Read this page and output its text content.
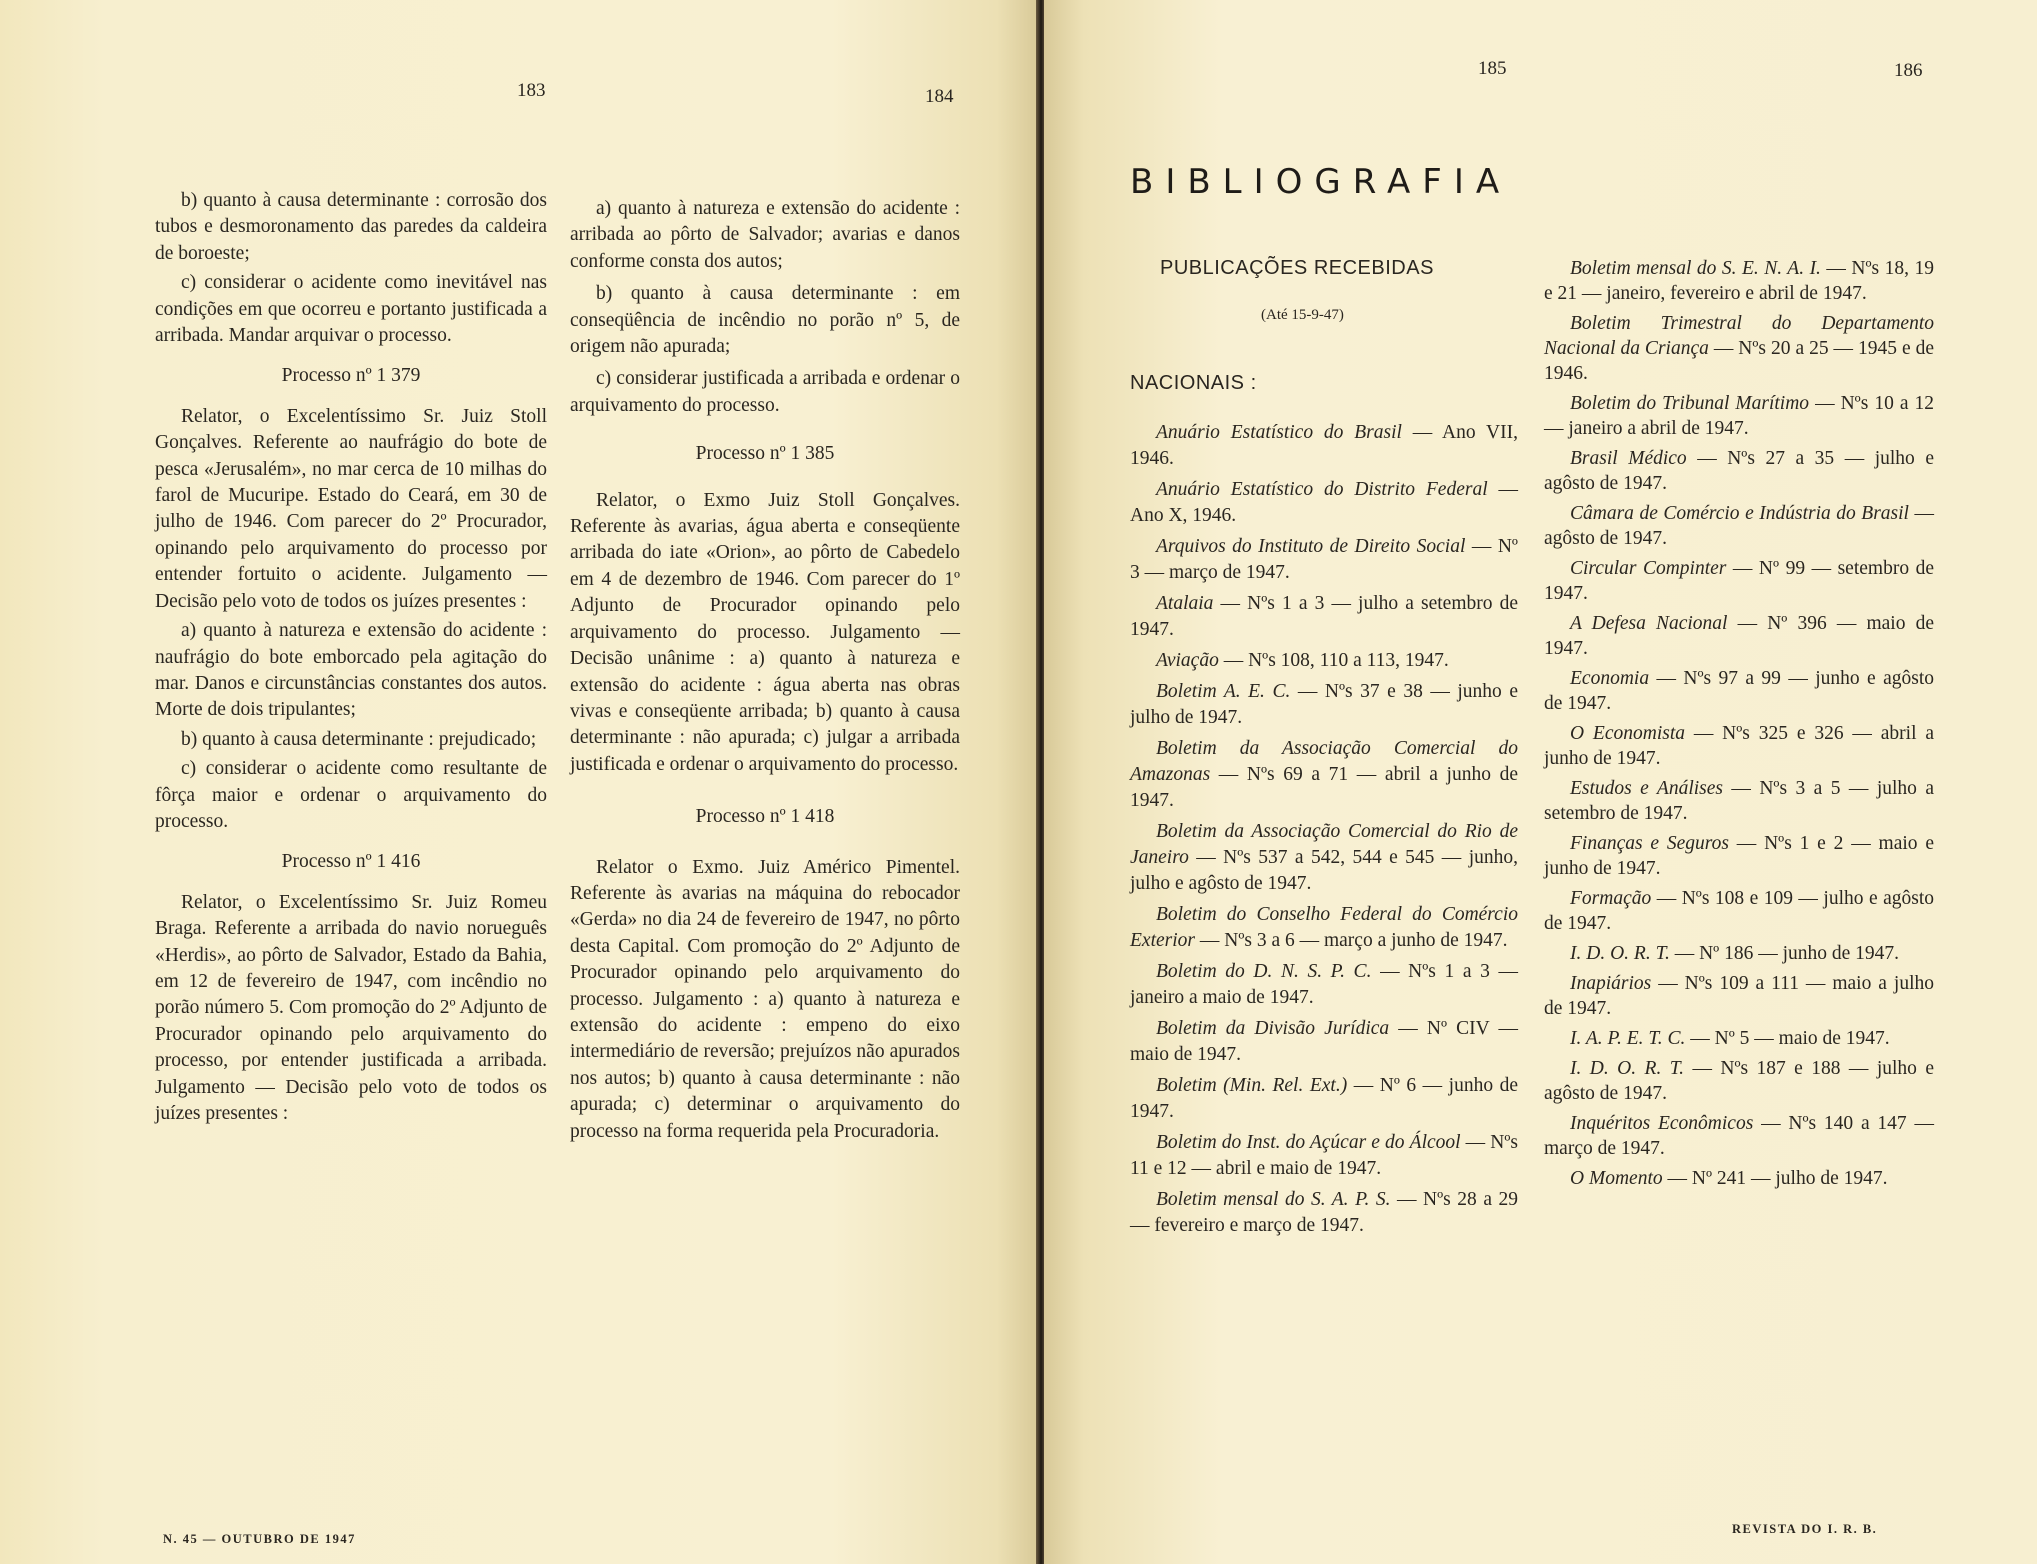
183	184

b) quanto à causa determinante : corrosão dos tubos e desmoronamento das paredes da caldeira de boroeste;

c) considerar o acidente como inevitável nas condições em que ocorreu e portanto justificada a arribada. Mandar arquivar o processo.

Processo nº 1 379

Relator, o Excelentíssimo Sr. Juiz Stoll Gonçalves. Referente ao naufrágio do bote de pesca «Jerusalém», no mar cerca de 10 milhas do farol de Mucuripe. Estado do Ceará, em 30 de julho de 1946. Com parecer do 2º Procurador, opinando pelo arquivamento do processo por entender fortuito o acidente. Julgamento — Decisão pelo voto de todos os juízes presentes :

a) quanto à natureza e extensão do acidente : naufrágio do bote emborcado pela agitação do mar. Danos e circunstâncias constantes dos autos. Morte de dois tripulantes;

b) quanto à causa determinante : prejudicado;

c) considerar o acidente como resultante de fôrça maior e ordenar o arquivamento do processo.

Processo nº 1 416

Relator, o Excelentíssimo Sr. Juiz Romeu Braga. Referente a arribada do navio norueguês «Herdis», ao pôrto de Salvador, Estado da Bahia, em 12 de fevereiro de 1947, com incêndio no porão número 5. Com promoção do 2º Adjunto de Procurador opinando pelo arquivamento do processo, por entender justificada a arribada. Julgamento — Decisão pelo voto de todos os juízes presentes :

a) quanto à natureza e extensão do acidente : arribada ao pôrto de Salvador; avarias e danos conforme consta dos autos;

b) quanto à causa determinante : em conseqüência de incêndio no porão nº 5, de origem não apurada;

c) considerar justificada a arribada e ordenar o arquivamento do processo.

Processo nº 1 385

Relator, o Exmo Juiz Stoll Gonçalves. Referente às avarias, água aberta e conseqüente arribada do iate «Orion», ao pôrto de Cabedelo em 4 de dezembro de 1946. Com parecer do 1º Adjunto de Procurador opinando pelo arquivamento do processo. Julgamento — Decisão unânime : a) quanto à natureza e extensão do acidente : água aberta nas obras vivas e conseqüente arribada; b) quanto à causa determinante : não apurada; c) julgar a arribada justificada e ordenar o arquivamento do processo.

Processo nº 1 418

Relator o Exmo. Juiz Américo Pimentel. Referente às avarias na máquina do rebocador «Gerda» no dia 24 de fevereiro de 1947, no pôrto desta Capital. Com promoção do 2º Adjunto de Procurador opinando pelo arquivamento do processo. Julgamento : a) quanto à natureza e extensão do acidente : empeno do eixo intermediário de reversão; prejuízos não apurados nos autos; b) quanto à causa determinante : não apurada; c) determinar o arquivamento do processo na forma requerida pela Procuradoria.

N. 45 — OUTUBRO DE 1947
185	186
BIBLIOGRAFIA
PUBLICAÇÕES RECEBIDAS
(Até 15-9-47)
NACIONAIS :

Anuário Estatístico do Brasil — Ano VII, 1946.

Anuário Estatístico do Distrito Federal — Ano X, 1946.

Arquivos do Instituto de Direito Social — Nº 3 — março de 1947.

Atalaia — Nºs 1 a 3 — julho a setembro de 1947.

Aviação — Nºs 108, 110 a 113, 1947.

Boletim A. E. C. — Nºs 37 e 38 — junho e julho de 1947.

Boletim da Associação Comercial do Amazonas — Nºs 69 a 71 — abril a junho de 1947.

Boletim da Associação Comercial do Rio de Janeiro — Nºs 537 a 542, 544 e 545 — junho, julho e agôsto de 1947.

Boletim do Conselho Federal do Comércio Exterior — Nºs 3 a 6 — março a junho de 1947.

Boletim do D. N. S. P. C. — Nºs 1 a 3 — janeiro a maio de 1947.

Boletim da Divisão Jurídica — Nº CIV — maio de 1947.

Boletim (Min. Rel. Ext.) — Nº 6 — junho de 1947.

Boletim do Inst. do Açúcar e do Álcool — Nºs 11 e 12 — abril e maio de 1947.

Boletim mensal do S. A. P. S. — Nºs 28 a 29 — fevereiro e março de 1947.

Boletim mensal do S. E. N. A. I. — Nºs 18, 19 e 21 — janeiro, fevereiro e abril de 1947.

Boletim Trimestral do Departamento Nacional da Criança — Nºs 20 a 25 — 1945 e de 1946.

Boletim do Tribunal Marítimo — Nºs 10 a 12 — janeiro a abril de 1947.

Brasil Médico — Nºs 27 a 35 — julho e agôsto de 1947.

Câmara de Comércio e Indústria do Brasil — agôsto de 1947.

Circular Compinter — Nº 99 — setembro de 1947.

A Defesa Nacional — Nº 396 — maio de 1947.

Economia — Nºs 97 a 99 — junho e agôsto de 1947.

O Economista — Nºs 325 e 326 — abril a junho de 1947.

Estudos e Análises — Nºs 3 a 5 — julho a setembro de 1947.

Finanças e Seguros — Nºs 1 e 2 — maio e junho de 1947.

Formação — Nºs 108 e 109 — julho e agôsto de 1947.

I. D. O. R. T. — Nº 186 — junho de 1947.

Inapiários — Nºs 109 a 111 — maio a julho de 1947.

I. A. P. E. T. C. — Nº 5 — maio de 1947.

I. D. O. R. T. — Nºs 187 e 188 — julho e agôsto de 1947.

Inquéritos Econômicos — Nºs 140 a 147 — março de 1947.

O Momento — Nº 241 — julho de 1947.

REVISTA DO I. R. B.
